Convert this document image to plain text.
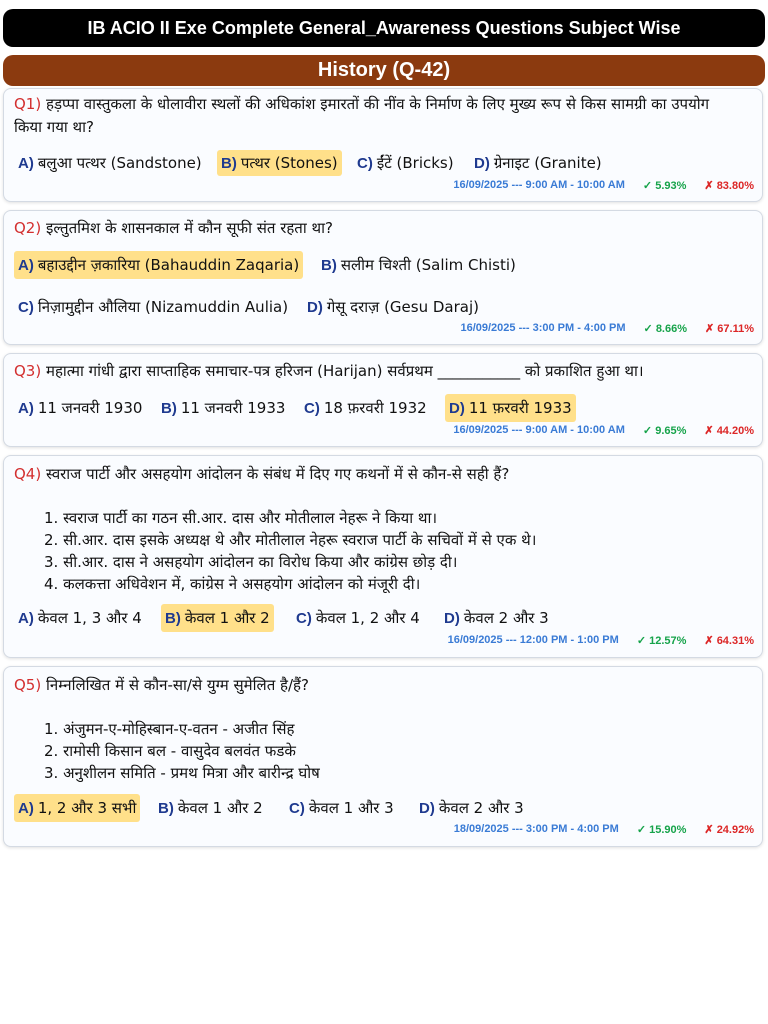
IB ACIO II Exe Complete General_Awareness Questions Subject Wise
History (Q-42)
Q1) हड़प्पा वास्तुकला के धोलावीरा स्थलों की अधिकांश इमारतों की नींव के निर्माण के लिए मुख्य रूप से किस सामग्री का उपयोग किया गया था?
A) बलुआ पत्थर (Sandstone) B) पत्थर (Stones) C) ईंटें (Bricks) D) ग्रेनाइट (Granite)
16/09/2025 --- 9:00 AM - 10:00 AM ✓ 5.93% ✗ 83.80%
Q2) इल्तुतमिश के शासनकाल में कौन सूफी संत रहता था?
A) बहाउद्दीन ज़कारिया (Bahauddin Zaqaria) B) सलीम चिश्ती (Salim Chisti)
C) निज़ामुद्दीन औलिया (Nizamuddin Aulia) D) गेसू दराज़ (Gesu Daraj)
16/09/2025 --- 3:00 PM - 4:00 PM ✓ 8.66% ✗ 67.11%
Q3) महात्मा गांधी द्वारा साप्ताहिक समाचार-पत्र हरिजन (Harijan) सर्वप्रथम ___________ को प्रकाशित हुआ था।
A) 11 जनवरी 1930 B) 11 जनवरी 1933 C) 18 फ़रवरी 1932 D) 11 फ़रवरी 1933
16/09/2025 --- 9:00 AM - 10:00 AM ✓ 9.65% ✗ 44.20%
Q4) स्वराज पार्टी और असहयोग आंदोलन के संबंध में दिए गए कथनों में से कौन-से सही हैं?
1. स्वराज पार्टी का गठन सी.आर. दास और मोतीलाल नेहरू ने किया था।
2. सी.आर. दास इसके अध्यक्ष थे और मोतीलाल नेहरू स्वराज पार्टी के सचिवों में से एक थे।
3. सी.आर. दास ने असहयोग आंदोलन का विरोध किया और कांग्रेस छोड़ दी।
4. कलकत्ता अधिवेशन में, कांग्रेस ने असहयोग आंदोलन को मंजूरी दी।
A) केवल 1, 3 और 4 B) केवल 1 और 2 C) केवल 1, 2 और 4 D) केवल 2 और 3
16/09/2025 --- 12:00 PM - 1:00 PM ✓ 12.57% ✗ 64.31%
Q5) निम्नलिखित में से कौन-सा/से युग्म सुमेलित है/हैं?
1. अंजुमन-ए-मोहिस्बान-ए-वतन - अजीत सिंह
2. रामोसी किसान बल - वासुदेव बलवंत फडके
3. अनुशीलन समिति - प्रमथ मित्रा और बारीन्द्र घोष
A) 1, 2 और 3 सभी B) केवल 1 और 2 C) केवल 1 और 3 D) केवल 2 और 3
18/09/2025 --- 3:00 PM - 4:00 PM ✓ 15.90% ✗ 24.92%
